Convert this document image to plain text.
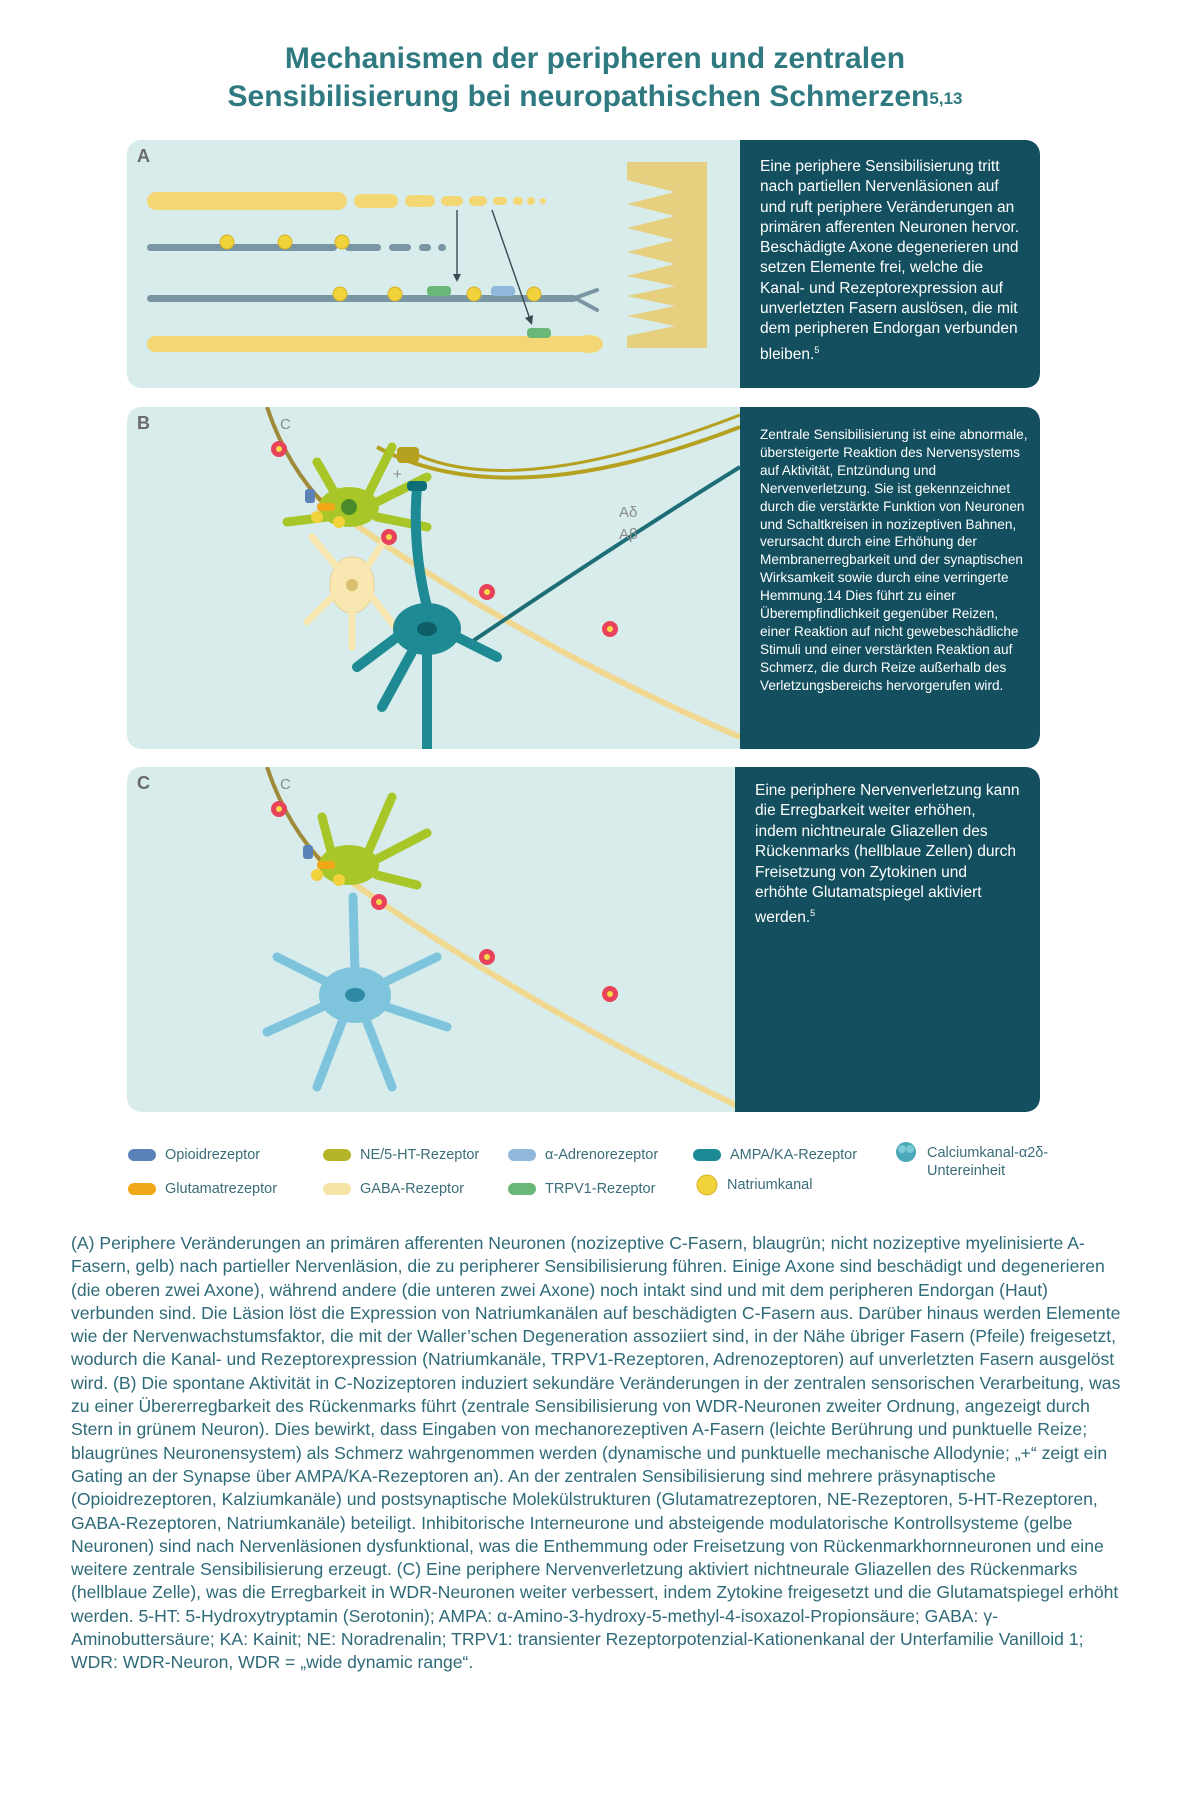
Mechanismen der peripheren und zentralen
Sensibilisierung bei neuropathischen Schmerzen$^{5,13}$
A

Eine periphere Sensibilisierung tritt nach partiellen Nervenläsionen auf und ruft periphere Veränderungen an primären afferenten Neuronen hervor. Beschädigte Axone degenerieren und setzen Elemente frei, welche die Kanal- und Rezeptorexpression auf unverletzten Fasern auslösen, die mit dem peripheren Endorgan verbunden bleiben.$^5$

C
Aδ
Aβ
+
B

Zentrale Sensibilisierung ist eine abnormale, übersteigerte Reaktion des Nervensystems auf Aktivität, Entzündung und Nervenverletzung. Sie ist gekennzeichnet durch die verstärkte Funktion von Neuronen und Schaltkreisen in nozizeptiven Bahnen, verursacht durch eine Erhöhung der Membranerregbarkeit und der synaptischen Wirksamkeit sowie durch eine verringerte Hemmung.14 Dies führt zu einer Überempfindlichkeit gegenüber Reizen, einer Reaktion auf nicht gewebeschädliche Stimuli und einer verstärkten Reaktion auf Schmerz, die durch Reize außerhalb des Verletzungsbereichs hervorgerufen wird.

C
C	Eine periphere Nervenverletzung kann die Erregbarkeit weiter erhöhen, indem nichtneurale Gliazellen des Rückenmarks (hellblaue Zellen) durch Freisetzung von Zytokinen und erhöhte Glutamatspiegel aktiviert werden.$^5$

Opioidrezeptor	NE/5-HT-Rezeptor	α-Adrenorezeptor	AMPA/KA-Rezeptor	Calciumkanal-α2δ-Untereinheit
Glutamatrezeptor	GABA-Rezeptor	TRPV1-Rezeptor	Natriumkanal

(A) Periphere Veränderungen an primären afferenten Neuronen (nozizeptive C-Fasern, blaugrün; nicht nozizeptive myelinisierte A-Fasern, gelb) nach partieller Nervenläsion, die zu peripherer Sensibilisierung führen. Einige Axone sind beschädigt und degenerieren (die oberen zwei Axone), während andere (die unteren zwei Axone) noch intakt sind und mit dem peripheren Endorgan (Haut) verbunden sind. Die Läsion löst die Expression von Natriumkanälen auf beschädigten C-Fasern aus. Darüber hinaus werden Elemente wie der Nervenwachstumsfaktor, die mit der Waller’schen Degeneration assoziiert sind, in der Nähe übriger Fasern (Pfeile) freigesetzt, wodurch die Kanal- und Rezeptorexpression (Natriumkanäle, TRPV1-Rezeptoren, Adrenozeptoren) auf unverletzten Fasern ausgelöst wird. (B) Die spontane Aktivität in C-Nozizeptoren induziert sekundäre Veränderungen in der zentralen sensorischen Verarbeitung, was zu einer Übererregbarkeit des Rückenmarks führt (zentrale Sensibilisierung von WDR-Neuronen zweiter Ordnung, angezeigt durch Stern in grünem Neuron). Dies bewirkt, dass Eingaben von mechanorezeptiven A-Fasern (leichte Berührung und punktuelle Reize; blaugrünes Neuronensystem) als Schmerz wahrgenommen werden (dynamische und punktuelle mechanische Allodynie; „+“ zeigt ein Gating an der Synapse über AMPA/KA-Rezeptoren an). An der zentralen Sensibilisierung sind mehrere präsynaptische (Opioidrezeptoren, Kalziumkanäle) und postsynaptische Molekülstrukturen (Glutamatrezeptoren, NE-Rezeptoren, 5-HT-Rezeptoren, GABA-Rezeptoren, Natriumkanäle) beteiligt. Inhibitorische Interneurone und absteigende modulatorische Kontrollsysteme (gelbe Neuronen) sind nach Nervenläsionen dysfunktional, was die Enthemmung oder Freisetzung von Rückenmarkhornneuronen und eine weitere zentrale Sensibilisierung erzeugt. (C) Eine periphere Nervenverletzung aktiviert nichtneurale Gliazellen des Rückenmarks (hellblaue Zelle), was die Erregbarkeit in WDR-Neuronen weiter verbessert, indem Zytokine freigesetzt und die Glutamatspiegel erhöht werden. 5-HT: 5-Hydroxytryptamin (Serotonin); AMPA: α-Amino-3-hydroxy-5-methyl-4-isoxazol-Propionsäure; GABA: γ-Aminobuttersäure; KA: Kainit; NE: Noradrenalin; TRPV1: transienter Rezeptorpotenzial-Kationenkanal der Unterfamilie Vanilloid 1; WDR: WDR-Neuron, WDR = „wide dynamic range“.
